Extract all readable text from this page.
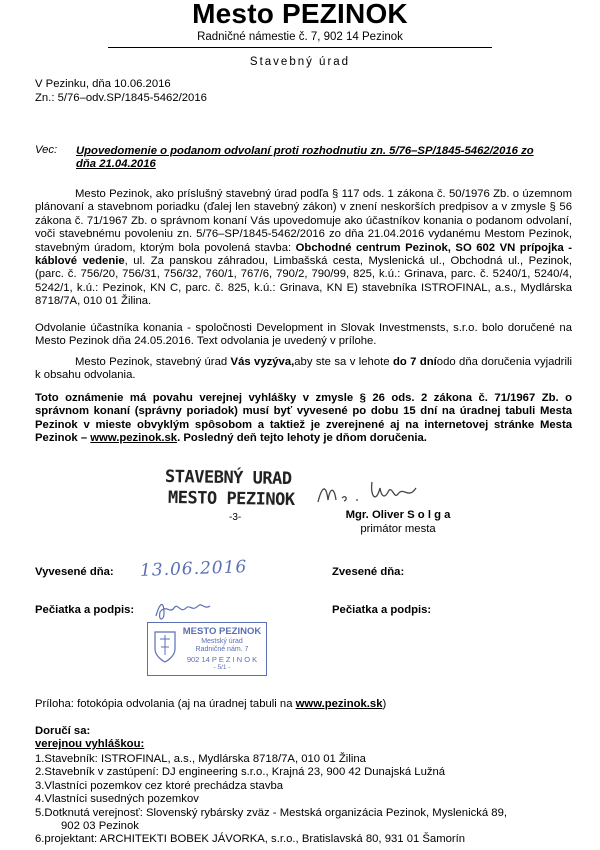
Mesto PEZINOK
Radničné námestie č. 7, 902 14 Pezinok
Stavebný úrad
V Pezinku, dňa 10.06.2016
Zn.: 5/76–odv.SP/1845-5462/2016
Vec: Upovedomenie o podanom odvolaní proti rozhodnutiu zn. 5/76–SP/1845-5462/2016 zo
dňa 21.04.2016
Mesto Pezinok, ako príslušný stavebný úrad podľa § 117 ods. 1 zákona č. 50/1976 Zb. o územnom plánovaní a stavebnom poriadku (ďalej len stavebný zákon) v znení neskorších predpisov a v zmysle § 56 zákona č. 71/1967 Zb. o správnom konaní Vás upovedomuje ako účastníkov konania o podanom odvolaní, voči stavebnému povoleniu zn. 5/76–SP/1845-5462/2016 zo dňa 21.04.2016 vydanému Mestom Pezinok, stavebným úradom, ktorým bola povolená stavba: Obchodné centrum Pezinok, SO 602 VN prípojka - káblové vedenie, ul. Za panskou záhradou, Limbašská cesta, Myslenická ul., Obchodná ul., Pezinok, (parc. č. 756/20, 756/31, 756/32, 760/1, 767/6, 790/2, 790/99, 825, k.ú.: Grinava, parc. č. 5240/1, 5240/4, 5242/1, k.ú.: Pezinok, KN C, parc. č. 825, k.ú.: Grinava, KN E) stavebníka ISTROFINAL, a.s., Mydlárska 8718/7A, 010 01 Žilina.
Odvolanie účastníka konania - spoločnosti Development in Slovak Investmensts, s.r.o. bolo doručené na Mesto Pezinok dňa 24.05.2016. Text odvolania je uvedený v prílohe.
Mesto Pezinok, stavebný úrad Vás vyzýva,aby ste sa v lehote do 7 dníodo dňa doručenia vyjadrili k obsahu odvolania.
Toto oznámenie má povahu verejnej vyhlášky v zmysle § 26 ods. 2 zákona č. 71/1967 Zb. o správnom konaní (správny poriadok) musí byť vyvesené po dobu 15 dní na úradnej tabuli Mesta Pezinok v mieste obvyklým spôsobom a taktiež je zverejnené aj na internetovej stránke Mesta Pezinok – www.pezinok.sk. Posledný deň tejto lehoty je dňom doručenia.
STAVEBNÝ URAD
MESTO PEZINOK
-3-	Mgr. Oliver S o l g a
primátor mesta
Vyvesené dňa: 13.06.2016	Zvesené dňa:
Pečiatka a podpis:	Pečiatka a podpis:
MESTO PEZINOK
Mestský úrad
Radničné nám. 7
902 14 P E Z I N O K
- 5/1 -
Príloha: fotokópia odvolania (aj na úradnej tabuli na www.pezinok.sk)
Doručí sa:
verejnou vyhláškou:
1.Stavebník: ISTROFINAL, a.s., Mydlárska 8718/7A, 010 01 Žilina
2.Stavebník v zastúpení: DJ engineering s.r.o., Krajná 23, 900 42 Dunajská Lužná
3.Vlastníci pozemkov cez ktoré prechádza stavba
4.Vlastníci susedných pozemkov
5.Dotknutá verejnosť: Slovenský rybársky zväz - Mestská organizácia Pezinok, Myslenická 89,
902 03 Pezinok
6.projektant: ARCHITEKTI BOBEK JÁVORKA, s.r.o., Bratislavská 80, 931 01 Šamorín
